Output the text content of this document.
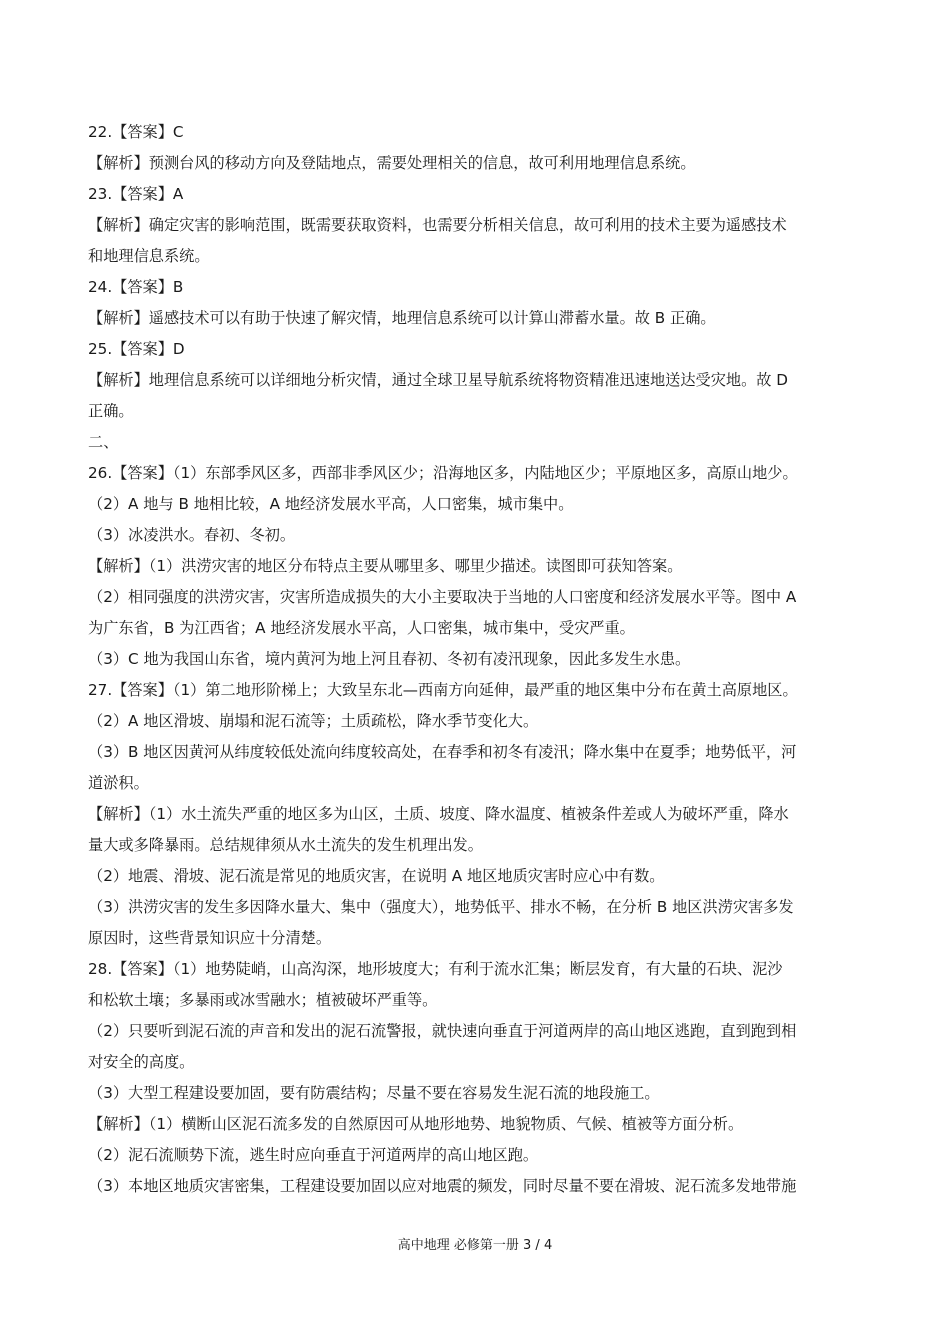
22.【答案】C
【解析】预测台风的移动方向及登陆地点，需要处理相关的信息，故可利用地理信息系统。
23.【答案】A
【解析】确定灾害的影响范围，既需要获取资料，也需要分析相关信息，故可利用的技术主要为遥感技术
和地理信息系统。
24.【答案】B
【解析】遥感技术可以有助于快速了解灾情，地理信息系统可以计算山滞蓄水量。故 B 正确。
25.【答案】D
【解析】地理信息系统可以详细地分析灾情，通过全球卫星导航系统将物资精准迅速地送达受灾地。故 D
正确。
二、
26.【答案】（1）东部季风区多，西部非季风区少；沿海地区多，内陆地区少；平原地区多，高原山地少。
（2）A 地与 B 地相比较，A 地经济发展水平高，人口密集，城市集中。
（3）冰凌洪水。春初、冬初。
【解析】（1）洪涝灾害的地区分布特点主要从哪里多、哪里少描述。读图即可获知答案。
（2）相同强度的洪涝灾害，灾害所造成损失的大小主要取决于当地的人口密度和经济发展水平等。图中 A
为广东省，B 为江西省；A 地经济发展水平高，人口密集，城市集中，受灾严重。
（3）C 地为我国山东省，境内黄河为地上河且春初、冬初有凌汛现象，因此多发生水患。
27.【答案】（1）第二地形阶梯上；大致呈东北—西南方向延伸，最严重的地区集中分布在黄土高原地区。
（2）A 地区滑坡、崩塌和泥石流等；土质疏松，降水季节变化大。
（3）B 地区因黄河从纬度较低处流向纬度较高处，在春季和初冬有凌汛；降水集中在夏季；地势低平，河
道淤积。
【解析】（1）水土流失严重的地区多为山区，土质、坡度、降水温度、植被条件差或人为破坏严重，降水
量大或多降暴雨。总结规律须从水土流失的发生机理出发。
（2）地震、滑坡、泥石流是常见的地质灾害，在说明 A 地区地质灾害时应心中有数。
（3）洪涝灾害的发生多因降水量大、集中（强度大），地势低平、排水不畅，在分析 B 地区洪涝灾害多发
原因时，这些背景知识应十分清楚。
28.【答案】（1）地势陡峭，山高沟深，地形坡度大；有利于流水汇集；断层发育，有大量的石块、泥沙
和松软土壤；多暴雨或冰雪融水；植被破坏严重等。
（2）只要听到泥石流的声音和发出的泥石流警报，就快速向垂直于河道两岸的高山地区逃跑，直到跑到相
对安全的高度。
（3）大型工程建设要加固，要有防震结构；尽量不要在容易发生泥石流的地段施工。
【解析】（1）横断山区泥石流多发的自然原因可从地形地势、地貌物质、气候、植被等方面分析。
（2）泥石流顺势下流，逃生时应向垂直于河道两岸的高山地区跑。
（3）本地区地质灾害密集，工程建设要加固以应对地震的频发，同时尽量不要在滑坡、泥石流多发地带施
高中地理 必修第一册 3 / 4
